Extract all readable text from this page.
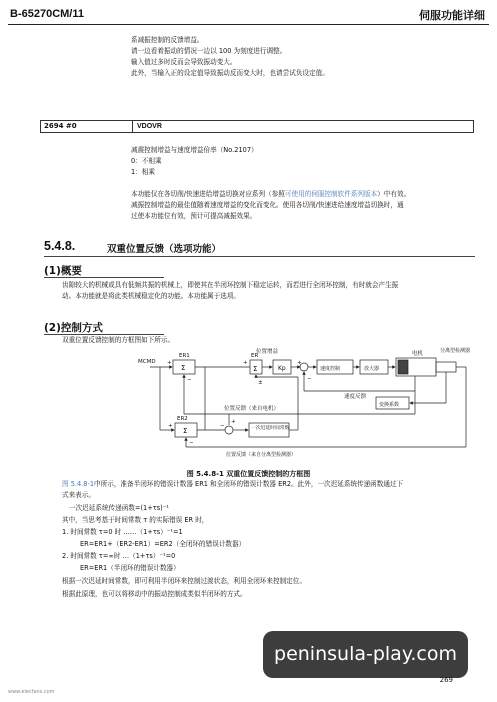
B-65270CM/11	伺服功能详细
系减振控制的反馈增益。
请一边看着振动的情况一边以 100 为刻度进行调整。
输入值过多时反而会导致振动变大。
此外，当输入正的设定值导致振动反而变大时，也请尝试负设定值。
2694 #0	VDOVR
减震控制增益与速度增益倍率（No.2107）
0：不相乘
1：相乘
本功能仅在各切削/快速进给增益切换对应系列（参照可使用的伺服控制软件系列版本）中有效。
减振控制增益的最佳值随着速度增益的变化而变化。使用各切削/快速进给速度增益切换时，通
过使本功能位有效，预计可提高减振效果。
5.4.8.	双重位置反馈（选项功能）
(1)概要
齿隙较大的机械或具有低频共振的机械上，即使其在半闭环控制下稳定运转，而若进行全闭环控制，有时就会产生振
动。本功能就是将此类机械稳定化的功能。本功能属于选项。
(2)控制方式
双重位置反馈控制的方框图如下所示。
MCMD
ER1	ER
ER2
位置增益
Kp	速度控制	放大器
电机	分离型检测器
速度反馈
变换系数
位置反馈（来自电机）
一次迟延时间常数
位置反馈（来自分离型检测器）
Σ
Σ
Σ
+
−
+
−
+
±
+
−
+
−
图 5.4.8-1 双重位置反馈控制的方框图
图 5.4.8-1中所示，准备半闭环的错误计数器 ER1 和全闭环的错误计数器 ER2。此外，一次迟延系统传递函数通过下
式来表示。
一次迟延系统传递函数=(1+τs)⁻¹
其中，当思考基于时间常数 τ 的实际错误 ER 时，
1. 时间常数 τ=0 时 ……（1+τs）⁻¹=1
ER=ER1+（ER2-ER1）=ER2（全闭环的错误计数器）
2. 时间常数 τ=∞时 …（1+τs）⁻¹=0
ER=ER1（半闭环的错误计数器）
根据一次迟延时间常数，即可利用半闭环来控制过渡状态，利用全闭环来控制定位。
根据此原理，也可以将移动中的振动控制成类似半闭环的方式。
peninsula-play.com
269
www.elecfans.com
